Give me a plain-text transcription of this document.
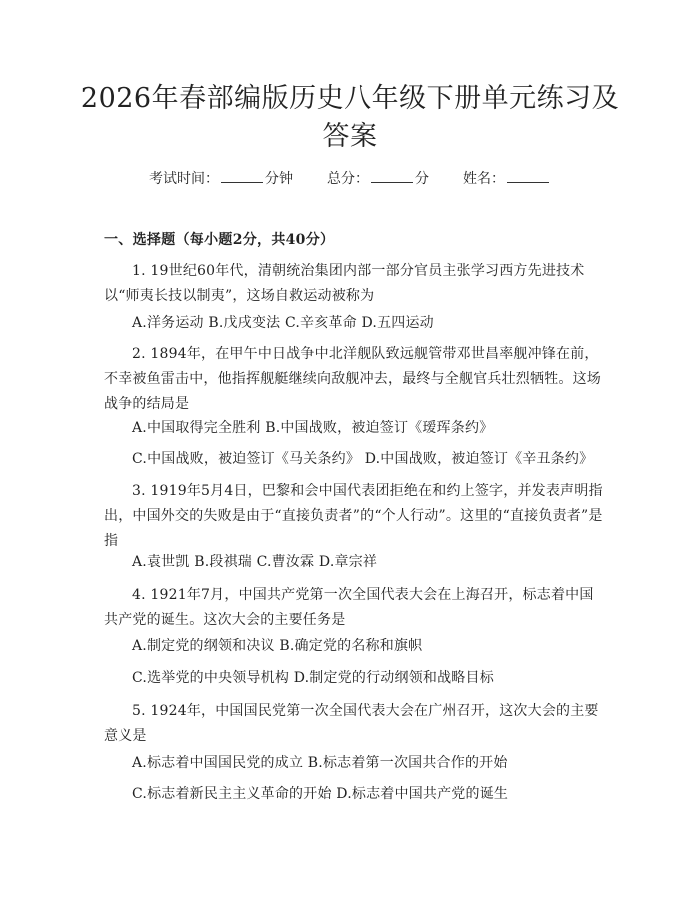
2026年春部编版历史八年级下册单元练习及答案
考试时间：	分钟 总分：	分 姓名：
一、选择题（每小题2分，共40分）
1. 19世纪60年代，清朝统治集团内部一部分官员主张学习西方先进技术以“师夷长技以制夷”，这场自救运动被称为
A.洋务运动 B.戊戌变法 C.辛亥革命 D.五四运动
2. 1894年，在甲午中日战争中北洋舰队致远舰管带邓世昌率舰冲锋在前，不幸被鱼雷击中，他指挥舰艇继续向敌舰冲去，最终与全舰官兵壮烈牺牲。这场战争的结局是
A.中国取得完全胜利 B.中国战败，被迫签订《瑷珲条约》
C.中国战败，被迫签订《马关条约》 D.中国战败，被迫签订《辛丑条约》
3. 1919年5月4日，巴黎和会中国代表团拒绝在和约上签字，并发表声明指出，中国外交的失败是由于“直接负责者”的“个人行动”。这里的“直接负责者”是指
A.袁世凯 B.段祺瑞 C.曹汝霖 D.章宗祥
4. 1921年7月，中国共产党第一次全国代表大会在上海召开，标志着中国共产党的诞生。这次大会的主要任务是
A.制定党的纲领和决议 B.确定党的名称和旗帜
C.选举党的中央领导机构 D.制定党的行动纲领和战略目标
5. 1924年，中国国民党第一次全国代表大会在广州召开，这次大会的主要意义是
A.标志着中国国民党的成立 B.标志着第一次国共合作的开始
C.标志着新民主主义革命的开始 D.标志着中国共产党的诞生
